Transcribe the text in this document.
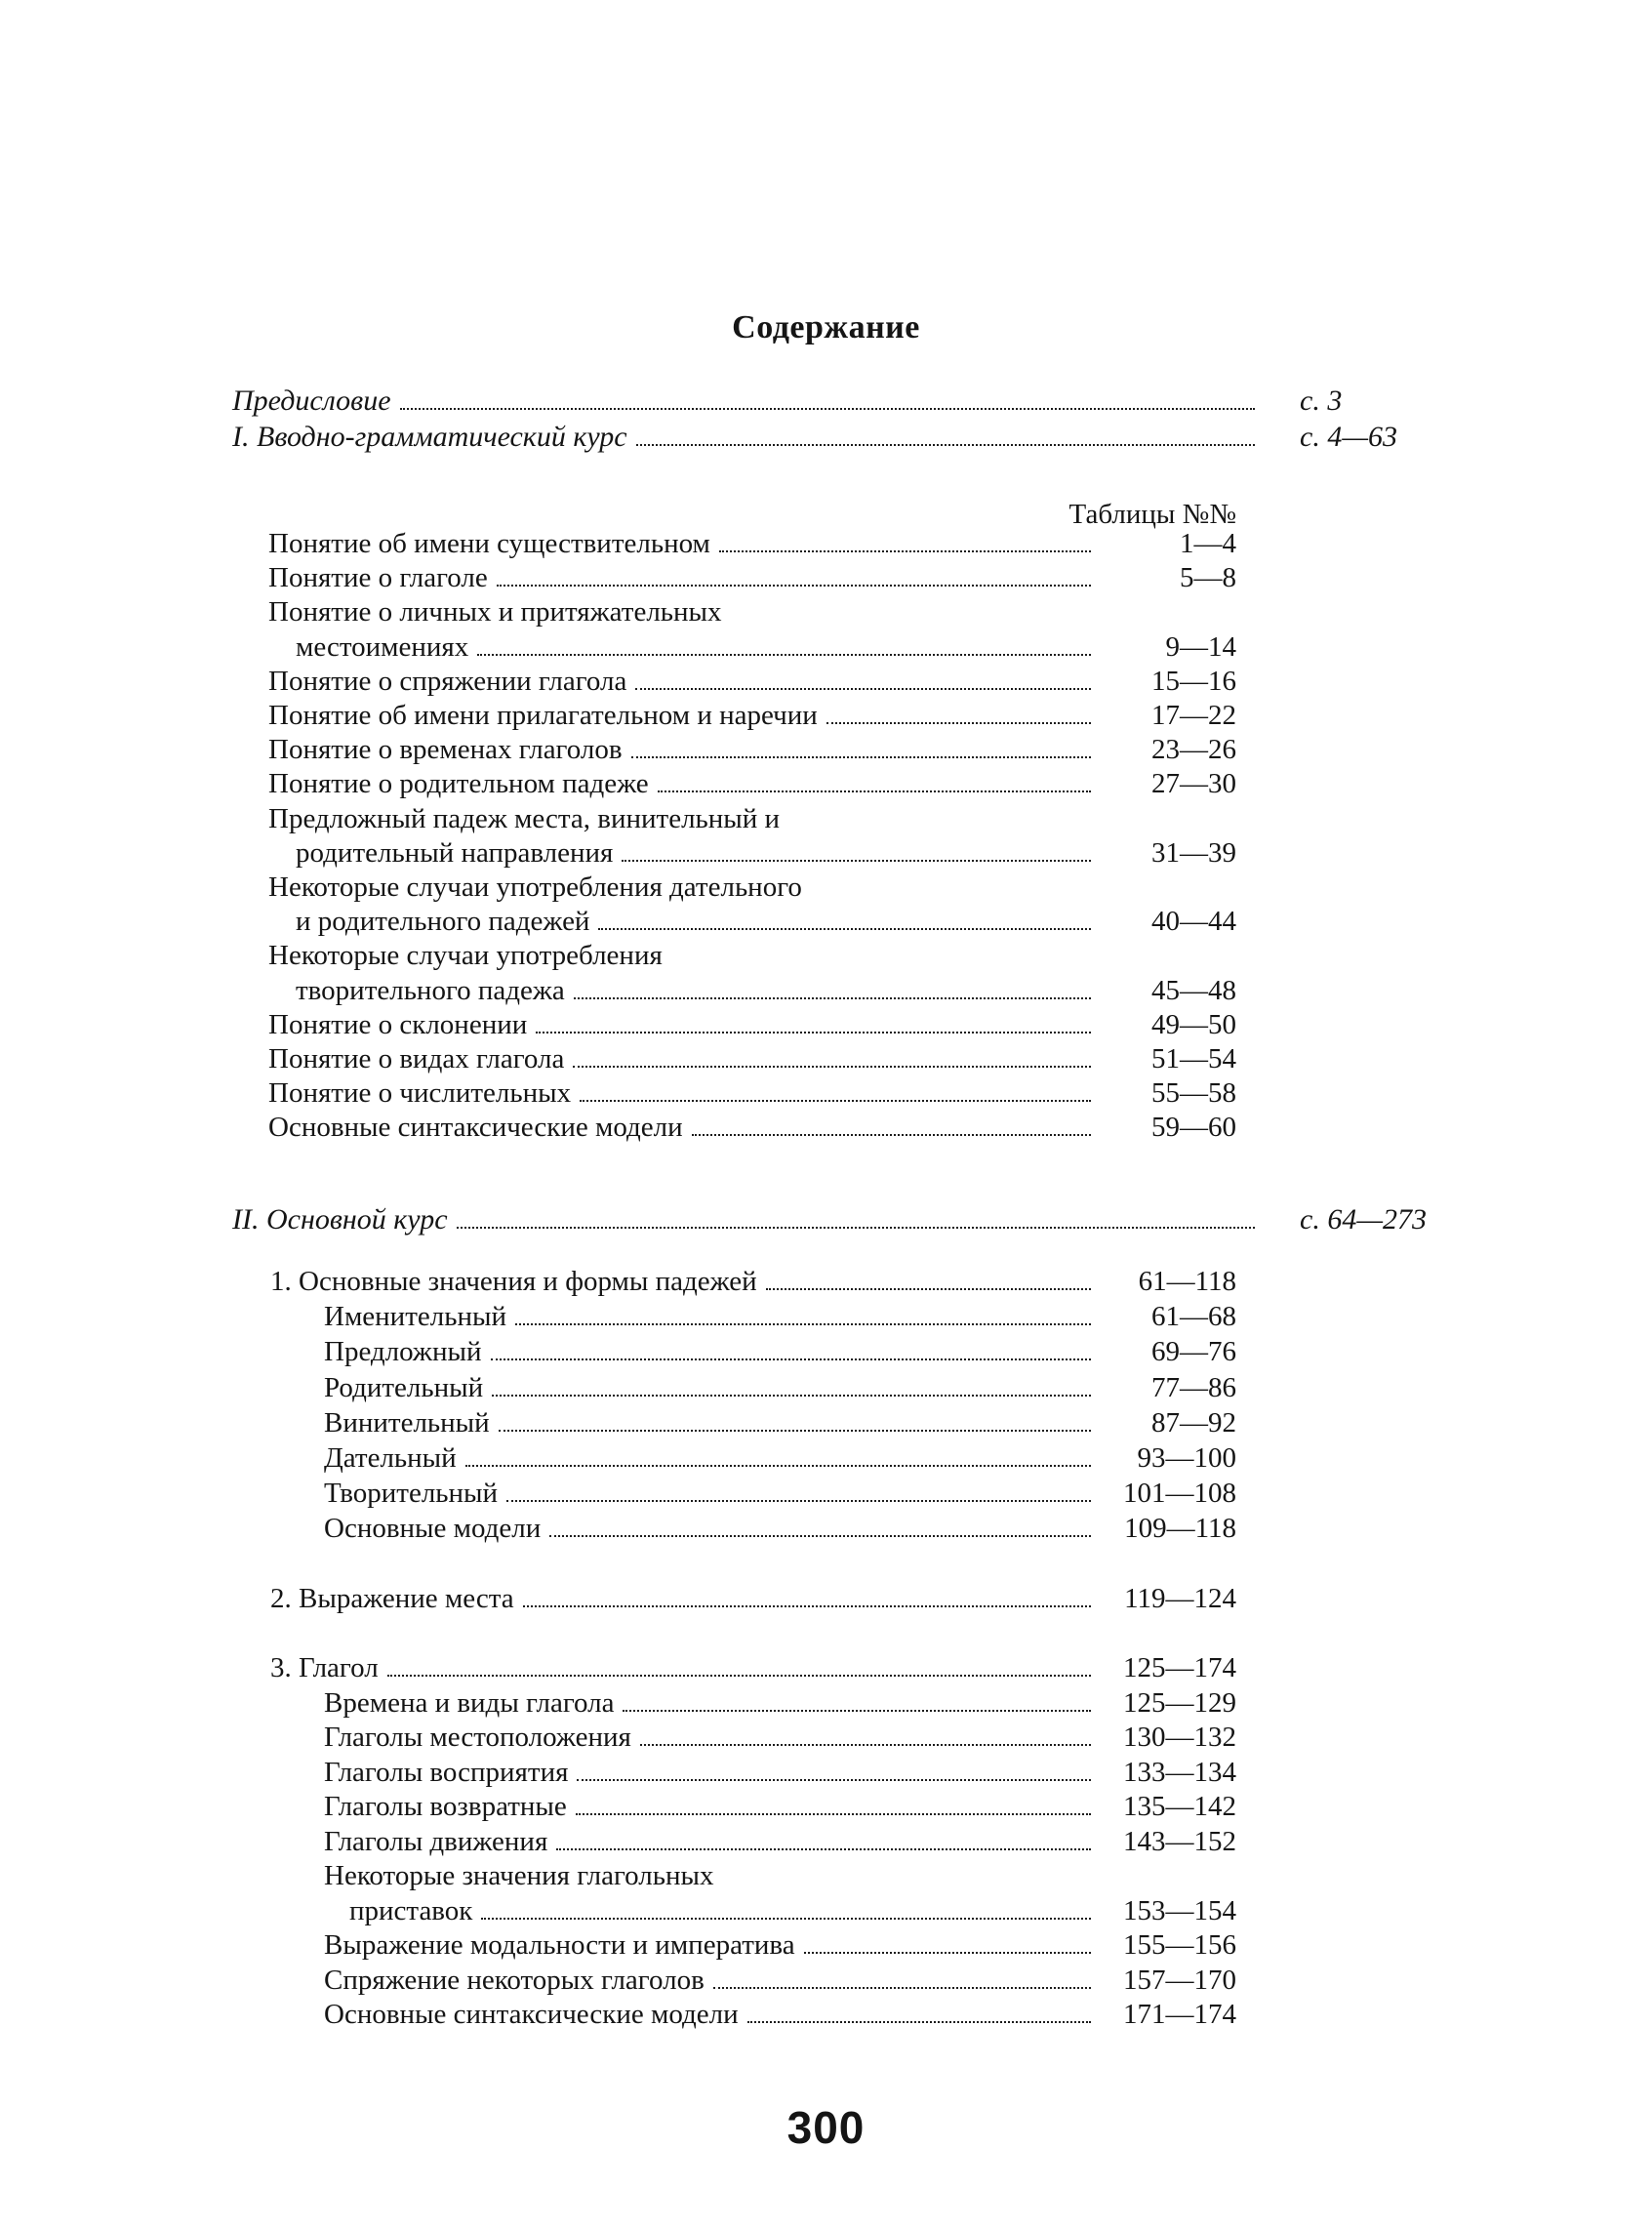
Содержание
Предисловие	с. 3
I. Вводно-грамматический курс	с. 4—63
Таблицы №№
Понятие об имени существительном	1—4
Понятие о глаголе	5—8
Понятие о личных и притяжательных
местоимениях	9—14
Понятие о спряжении глагола	15—16
Понятие об имени прилагательном и наречии	17—22
Понятие о временах глаголов	23—26
Понятие о родительном падеже	27—30
Предложный падеж места, винительный и
родительный направления	31—39
Некоторые случаи употребления дательного
и родительного падежей	40—44
Некоторые случаи употребления
творительного падежа	45—48
Понятие о склонении	49—50
Понятие о видах глагола	51—54
Понятие о числительных	55—58
Основные синтаксические модели	59—60
II. Основной курс	с. 64—273
1. Основные значения и формы падежей	61—118
Именительный	61—68
Предложный	69—76
Родительный	77—86
Винительный	87—92
Дательный	93—100
Творительный	101—108
Основные модели	109—118
2. Выражение места	119—124
3. Глагол	125—174
Времена и виды глагола	125—129
Глаголы местоположения	130—132
Глаголы восприятия	133—134
Глаголы возвратные	135—142
Глаголы движения	143—152
Некоторые значения глагольных
приставок	153—154
Выражение модальности и императива	155—156
Спряжение некоторых глаголов	157—170
Основные синтаксические модели	171—174
300
